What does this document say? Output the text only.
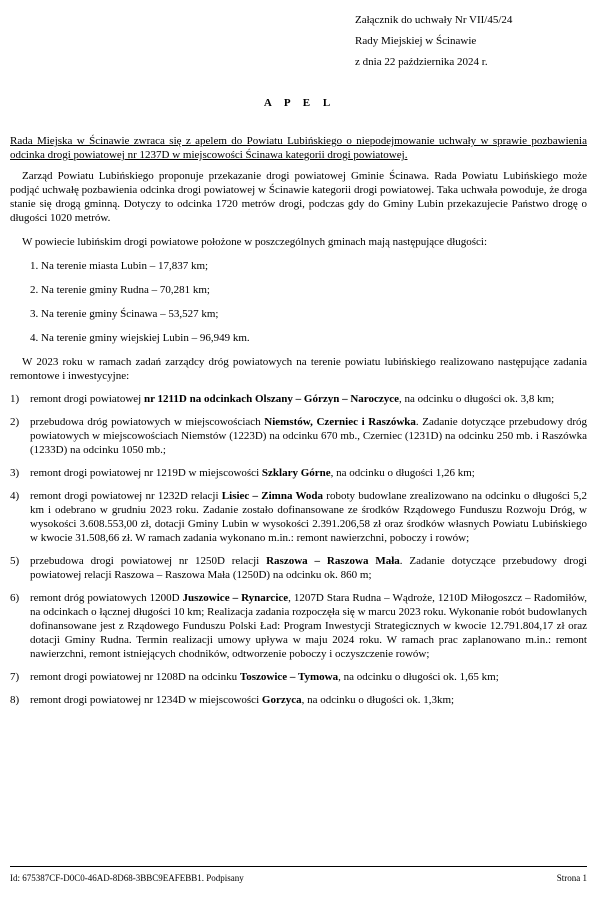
Załącznik do uchwały Nr VII/45/24
Rady Miejskiej w Ścinawie
z dnia 22 października 2024 r.
A P E L

Rada Miejska w Ścinawie zwraca się z apelem do Powiatu Lubińskiego o niepodejmowanie uchwały w sprawie pozbawienia odcinka drogi powiatowej nr 1237D w miejscowości Ścinawa kategorii drogi powiatowej.

Zarząd Powiatu Lubińskiego proponuje przekazanie drogi powiatowej Gminie Ścinawa. Rada Powiatu Lubińskiego może podjąć uchwałę pozbawienia odcinka drogi powiatowej w Ścinawie kategorii drogi powiatowej. Taka uchwała powoduje, że droga stanie się drogą gminną. Dotyczy to odcinka 1720 metrów drogi, podczas gdy do Gminy Lubin przekazujecie Państwo drogę o długości 1020 metrów.

W powiecie lubińskim drogi powiatowe położone w poszczególnych gminach mają następujące długości:

1. Na terenie miasta Lubin – 17,837 km;
2. Na terenie gminy Rudna – 70,281 km;
3. Na terenie gminy Ścinawa – 53,527 km;
4. Na terenie gminy wiejskiej Lubin – 96,949 km.

W 2023 roku w ramach zadań zarządcy dróg powiatowych na terenie powiatu lubińskiego realizowano następujące zadania remontowe i inwestycyjne:

1) remont drogi powiatowej nr 1211D na odcinkach Olszany – Górzyn – Naroczyce, na odcinku o długości ok. 3,8 km;
2) przebudowa dróg powiatowych w miejscowościach Niemstów, Czerniec i Raszówka. Zadanie dotyczące przebudowy dróg powiatowych w miejscowościach Niemstów (1223D) na odcinku 670 mb., Czerniec (1231D) na odcinku 250 mb. i Raszówka (1233D) na odcinku 1050 mb.;
3) remont drogi powiatowej nr 1219D w miejscowości Szklary Górne, na odcinku o długości 1,26 km;
4) remont drogi powiatowej nr 1232D relacji Lisiec – Zimna Woda roboty budowlane zrealizowano na odcinku o długości 5,2 km i odebrano w grudniu 2023 roku. Zadanie zostało dofinansowane ze środków Rządowego Funduszu Rozwoju Dróg, w wysokości 3.608.553,00 zł, dotacji Gminy Lubin w wysokości 2.391.206,58 zł oraz środków własnych Powiatu Lubińskiego w kwocie 31.508,66 zł. W ramach zadania wykonano m.in.: remont nawierzchni, poboczy i rowów;
5) przebudowa drogi powiatowej nr 1250D relacji Raszowa – Raszowa Mała. Zadanie dotyczące przebudowy drogi powiatowej relacji Raszowa – Raszowa Mała (1250D) na odcinku ok. 860 m;
6) remont dróg powiatowych 1200D Juszowice – Rynarcice, 1207D Stara Rudna – Wądroże, 1210D Miłogoszcz – Radomiłów, na odcinkach o łącznej długości 10 km; Realizacja zadania rozpoczęła się w marcu 2023 roku. Wykonanie robót budowlanych dofinansowane jest z Rządowego Funduszu Polski Ład: Program Inwestycji Strategicznych w kwocie 12.791.804,17 zł oraz dotacji Gminy Rudna. Termin realizacji umowy upływa w maju 2024 roku. W ramach prac zaplanowano m.in.: remont nawierzchni, remont istniejących chodników, odtworzenie poboczy i oczyszczenie rowów;
7) remont drogi powiatowej nr 1208D na odcinku Toszowice – Tymowa, na odcinku o długości ok. 1,65 km;
8) remont drogi powiatowej nr 1234D w miejscowości Gorzyca, na odcinku o długości ok. 1,3km;
Id: 675387CF-D0C0-46AD-8D68-3BBC9EAFEBB1. Podpisany	Strona 1
